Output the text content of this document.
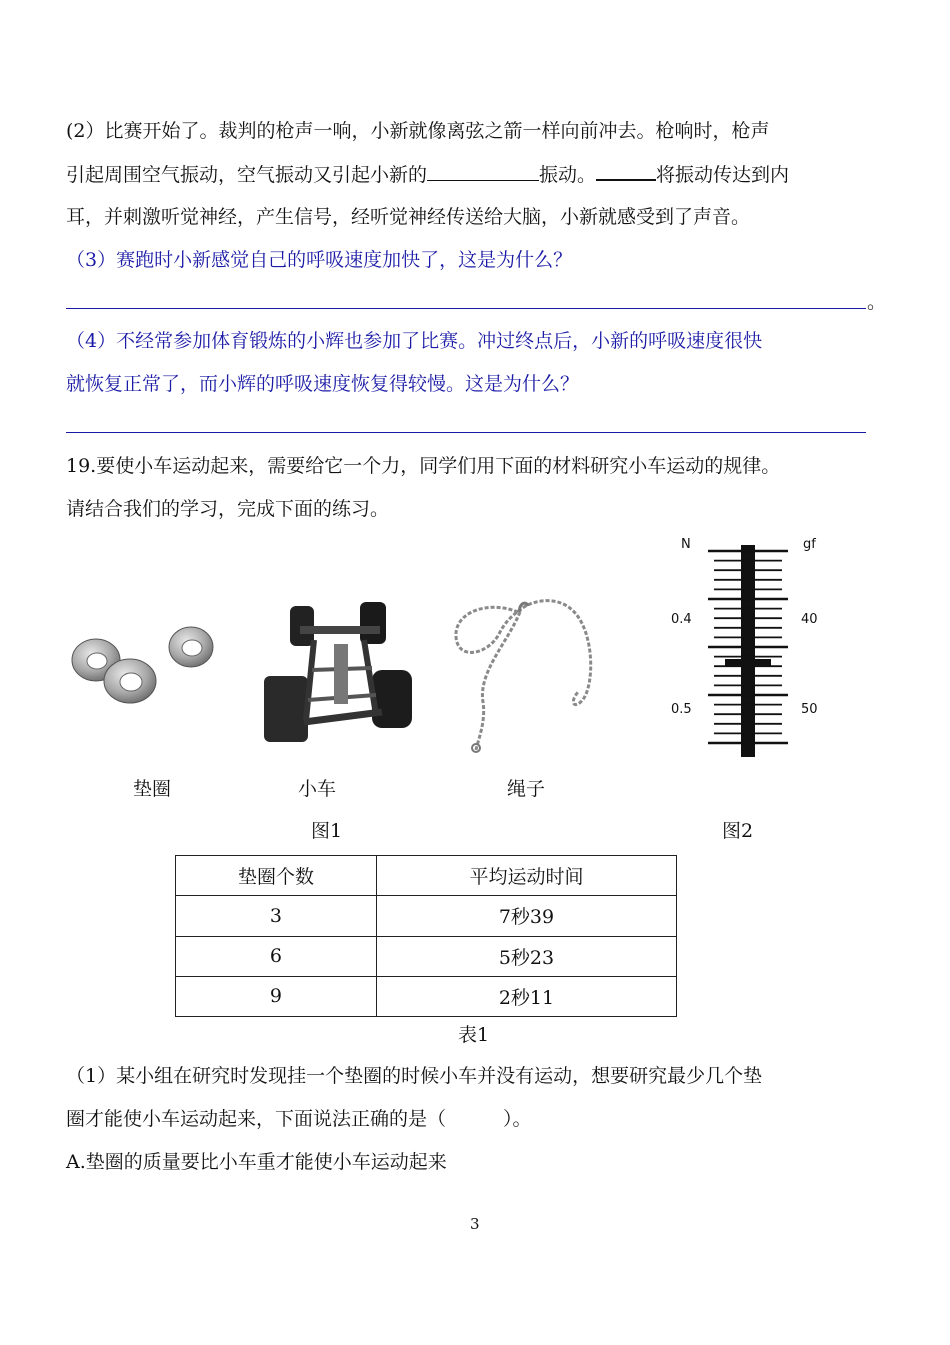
(2）比赛开始了。裁判的枪声一响，小新就像离弦之箭一样向前冲去。枪响时，枪声
引起周围空气振动，空气振动又引起小新的	振动。	将振动传达到内
耳，并刺激听觉神经，产生信号，经听觉神经传送给大脑，小新就感受到了声音。
（3）赛跑时小新感觉自己的呼吸速度加快了，这是为什么？
。
（4）不经常参加体育锻炼的小辉也参加了比赛。冲过终点后，小新的呼吸速度很快
就恢复正常了，而小辉的呼吸速度恢复得较慢。这是为什么？
19.要使小车运动起来，需要给它一个力，同学们用下面的材料研究小车运动的规律。
请结合我们的学习，完成下面的练习。
垫圈	小车	绳子
图1
N	gf
0.4
0.5
40
50
图2
垫圈个数	平均运动时间
3	7秒39
6	5秒23
9	2秒11
表1
（1）某小组在研究时发现挂一个垫圈的时候小车并没有运动，想要研究最少几个垫
圈才能使小车运动起来，下面说法正确的是（　　　）。
A.垫圈的质量要比小车重才能使小车运动起来
3
